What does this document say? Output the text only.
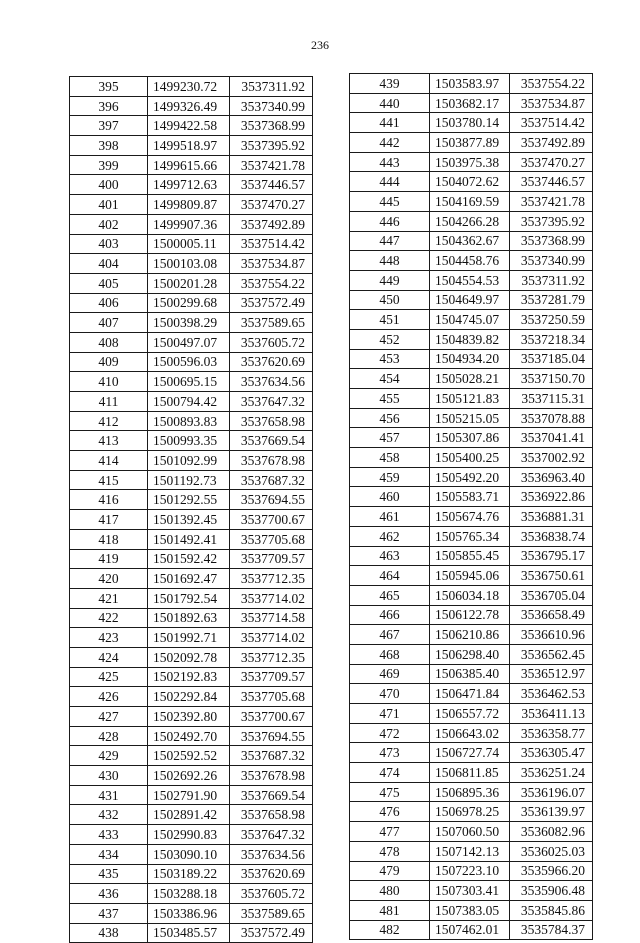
236
395	1499230.72	3537311.92
396	1499326.49	3537340.99
397	1499422.58	3537368.99
398	1499518.97	3537395.92
399	1499615.66	3537421.78
400	1499712.63	3537446.57
401	1499809.87	3537470.27
402	1499907.36	3537492.89
403	1500005.11	3537514.42
404	1500103.08	3537534.87
405	1500201.28	3537554.22
406	1500299.68	3537572.49
407	1500398.29	3537589.65
408	1500497.07	3537605.72
409	1500596.03	3537620.69
410	1500695.15	3537634.56
411	1500794.42	3537647.32
412	1500893.83	3537658.98
413	1500993.35	3537669.54
414	1501092.99	3537678.98
415	1501192.73	3537687.32
416	1501292.55	3537694.55
417	1501392.45	3537700.67
418	1501492.41	3537705.68
419	1501592.42	3537709.57
420	1501692.47	3537712.35
421	1501792.54	3537714.02
422	1501892.63	3537714.58
423	1501992.71	3537714.02
424	1502092.78	3537712.35
425	1502192.83	3537709.57
426	1502292.84	3537705.68
427	1502392.80	3537700.67
428	1502492.70	3537694.55
429	1502592.52	3537687.32
430	1502692.26	3537678.98
431	1502791.90	3537669.54
432	1502891.42	3537658.98
433	1502990.83	3537647.32
434	1503090.10	3537634.56
435	1503189.22	3537620.69
436	1503288.18	3537605.72
437	1503386.96	3537589.65
438	1503485.57	3537572.49
439	1503583.97	3537554.22
440	1503682.17	3537534.87
441	1503780.14	3537514.42
442	1503877.89	3537492.89
443	1503975.38	3537470.27
444	1504072.62	3537446.57
445	1504169.59	3537421.78
446	1504266.28	3537395.92
447	1504362.67	3537368.99
448	1504458.76	3537340.99
449	1504554.53	3537311.92
450	1504649.97	3537281.79
451	1504745.07	3537250.59
452	1504839.82	3537218.34
453	1504934.20	3537185.04
454	1505028.21	3537150.70
455	1505121.83	3537115.31
456	1505215.05	3537078.88
457	1505307.86	3537041.41
458	1505400.25	3537002.92
459	1505492.20	3536963.40
460	1505583.71	3536922.86
461	1505674.76	3536881.31
462	1505765.34	3536838.74
463	1505855.45	3536795.17
464	1505945.06	3536750.61
465	1506034.18	3536705.04
466	1506122.78	3536658.49
467	1506210.86	3536610.96
468	1506298.40	3536562.45
469	1506385.40	3536512.97
470	1506471.84	3536462.53
471	1506557.72	3536411.13
472	1506643.02	3536358.77
473	1506727.74	3536305.47
474	1506811.85	3536251.24
475	1506895.36	3536196.07
476	1506978.25	3536139.97
477	1507060.50	3536082.96
478	1507142.13	3536025.03
479	1507223.10	3535966.20
480	1507303.41	3535906.48
481	1507383.05	3535845.86
482	1507462.01	3535784.37
